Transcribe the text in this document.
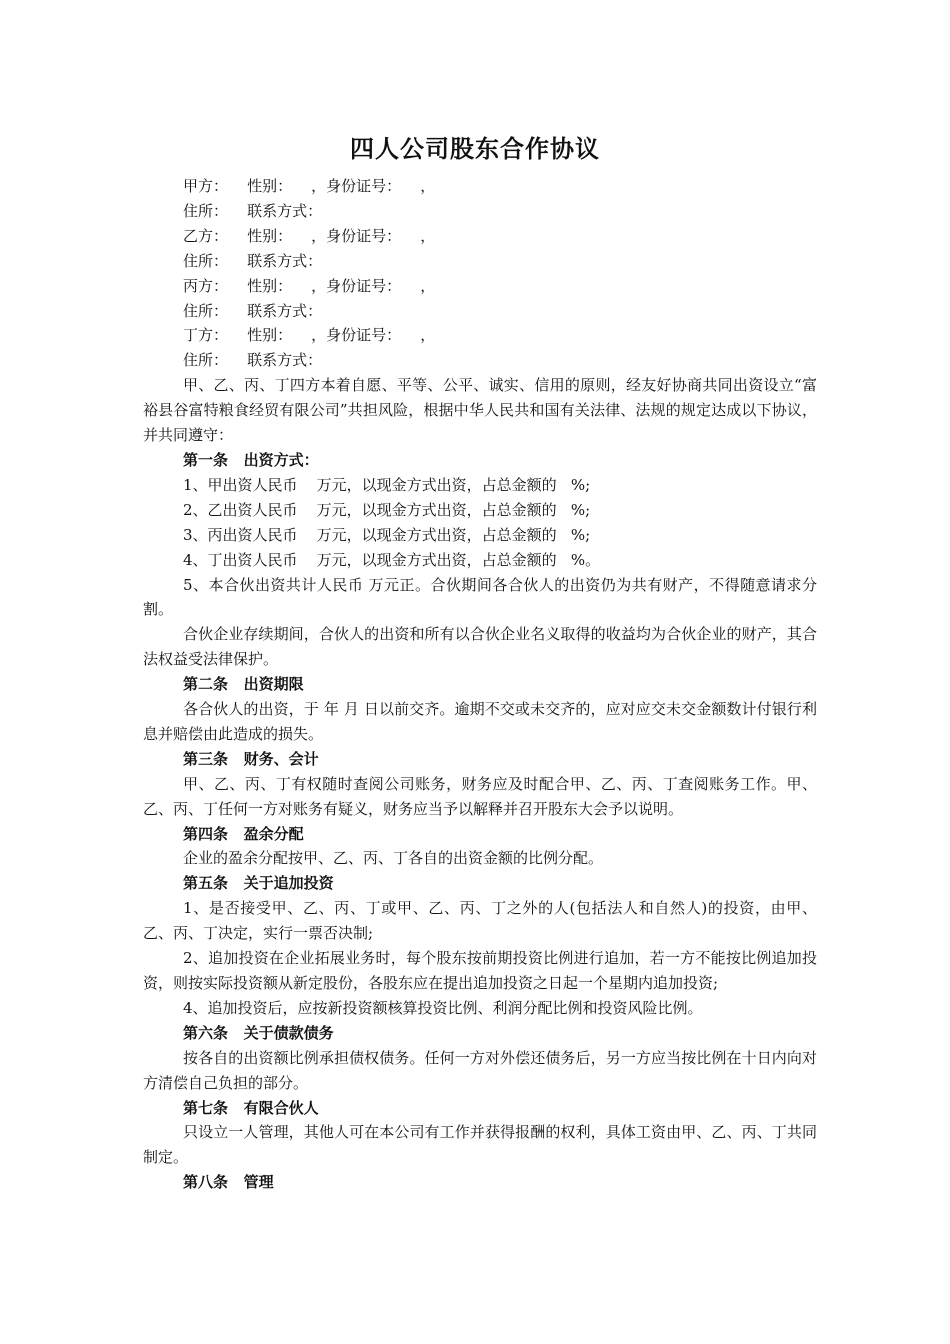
四人公司股东合作协议

甲方：    性别：    ，身份证号：    ，

住所：    联系方式：

乙方：    性别：    ，身份证号：    ，

住所：    联系方式：

丙方：    性别：    ，身份证号：    ，

住所：    联系方式：

丁方：    性别：    ，身份证号：    ，

住所：    联系方式：

甲、乙、丙、丁四方本着自愿、平等、公平、诚实、信用的原则，经友好协商共同出资设立“富裕县谷富特粮食经贸有限公司”共担风险，根据中华人民共和国有关法律、法规的规定达成以下协议，并共同遵守：

第一条   出资方式：

1、甲出资人民币    万元，以现金方式出资，占总金额的   %;

2、乙出资人民币    万元，以现金方式出资，占总金额的   %;

3、丙出资人民币    万元，以现金方式出资，占总金额的   %;

4、丁出资人民币    万元，以现金方式出资，占总金额的   %。

5、本合伙出资共计人民币 万元正。合伙期间各合伙人的出资仍为共有财产，不得随意请求分割。

合伙企业存续期间，合伙人的出资和所有以合伙企业名义取得的收益均为合伙企业的财产，其合法权益受法律保护。

第二条   出资期限

各合伙人的出资，于 年 月 日以前交齐。逾期不交或未交齐的，应对应交未交金额数计付银行利息并赔偿由此造成的损失。

第三条   财务、会计

甲、乙、丙、丁有权随时查阅公司账务，财务应及时配合甲、乙、丙、丁查阅账务工作。甲、乙、丙、丁任何一方对账务有疑义，财务应当予以解释并召开股东大会予以说明。

第四条   盈余分配

企业的盈余分配按甲、乙、丙、丁各自的出资金额的比例分配。

第五条   关于追加投资

1、是否接受甲、乙、丙、丁或甲、乙、丙、丁之外的人(包括法人和自然人)的投资，由甲、乙、丙、丁决定，实行一票否决制;

2、追加投资在企业拓展业务时，每个股东按前期投资比例进行追加，若一方不能按比例追加投资，则按实际投资额从新定股份，各股东应在提出追加投资之日起一个星期内追加投资;

4、追加投资后，应按新投资额核算投资比例、利润分配比例和投资风险比例。

第六条   关于债款债务

按各自的出资额比例承担债权债务。任何一方对外偿还债务后，另一方应当按比例在十日内向对方清偿自己负担的部分。

第七条   有限合伙人

只设立一人管理，其他人可在本公司有工作并获得报酬的权利，具体工资由甲、乙、丙、丁共同制定。

第八条   管理
